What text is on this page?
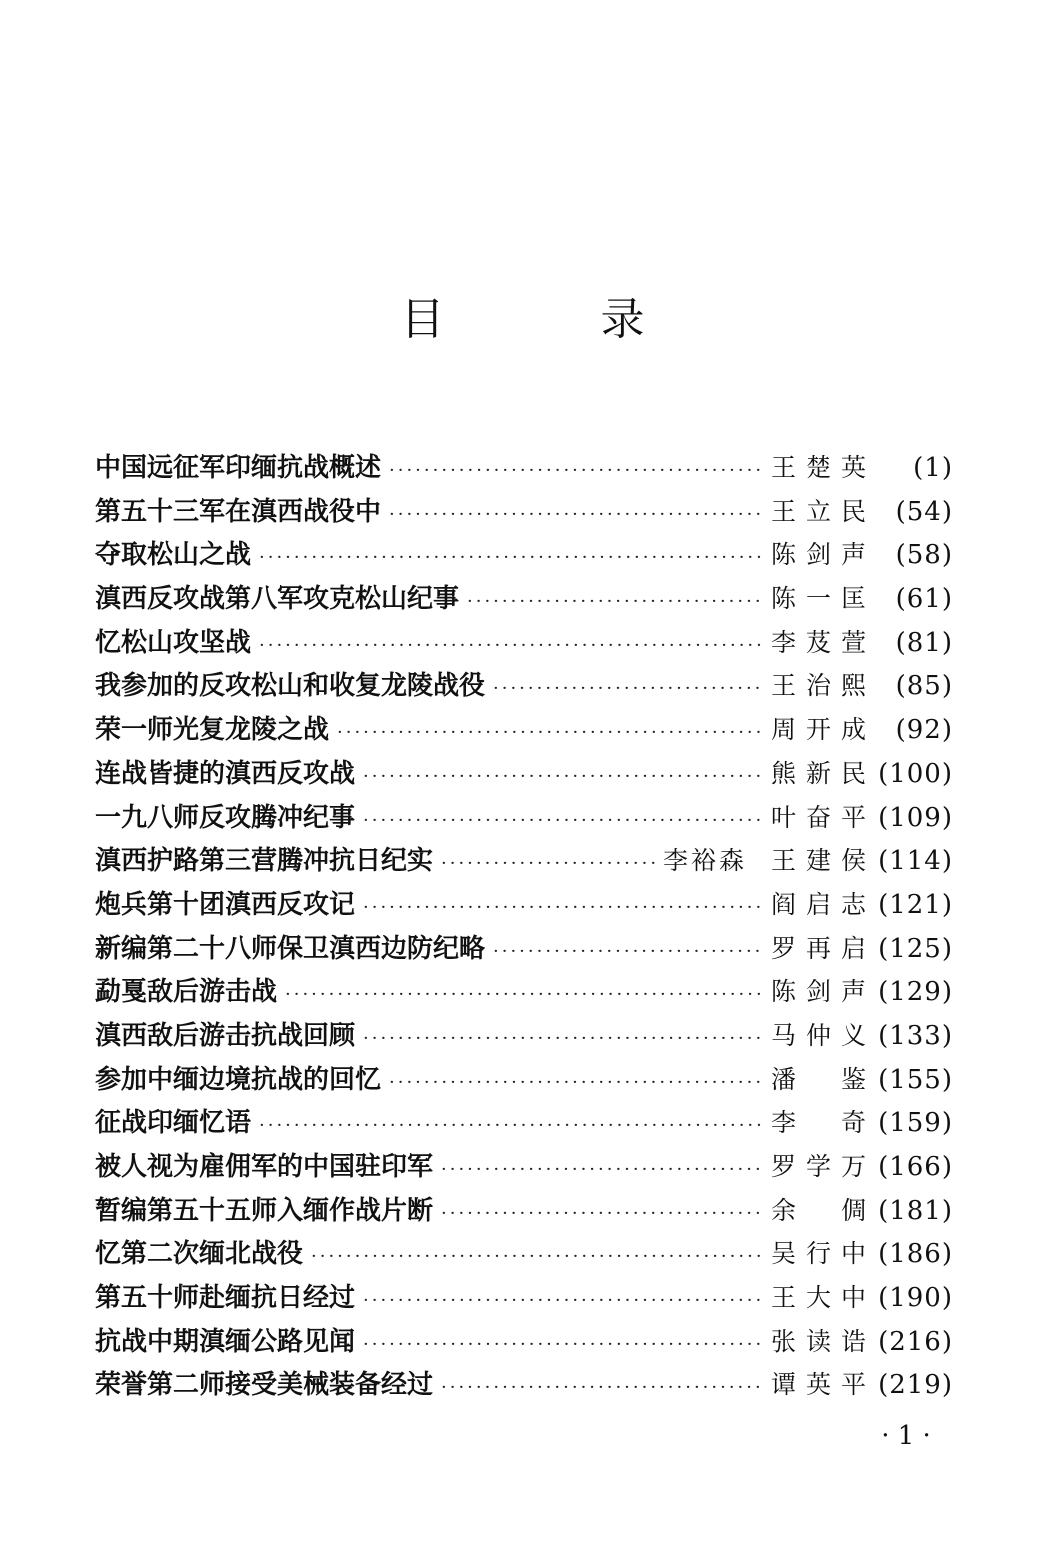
目　录
中国远征军印缅抗战概述 ·····	王楚英	(1)
第五十三军在滇西战役中 ·····	王立民	(54)
夺取松山之战 ·····	陈剑声	(58)
滇西反攻战第八军攻克松山纪事 ·····	陈一匡	(61)
忆松山攻坚战 ·····	李芨萱	(81)
我参加的反攻松山和收复龙陵战役 ·····	王治熙	(85)
荣一师光复龙陵之战 ·····	周开成	(92)
连战皆捷的滇西反攻战 ·····	熊新民 (100)
一九八师反攻腾冲纪事 ·····	叶奋平 (109)
滇西护路第三营腾冲抗日纪实 ·····	李裕森 王建侯 (114)
炮兵第十团滇西反攻记 ·····	阎启志 (121)
新编第二十八师保卫滇西边防纪略 ·····	罗再启 (125)
勐戛敌后游击战 ·····	陈剑声 (129)
滇西敌后游击抗战回顾 ·····	马仲义 (133)
参加中缅边境抗战的回忆 ·····	潘　鉴 (155)
征战印缅忆语 ·····	李　奇 (159)
被人视为雇佣军的中国驻印军 ·····	罗学万 (166)
暂编第五十五师入缅作战片断 ·····	余　倜 (181)
忆第二次缅北战役 ·····	吴行中 (186)
第五十师赴缅抗日经过 ·····	王大中 (190)
抗战中期滇缅公路见闻 ·····	张读诰 (216)
荣誉第二师接受美械装备经过 ·····	谭英平 (219)
· 1 ·
